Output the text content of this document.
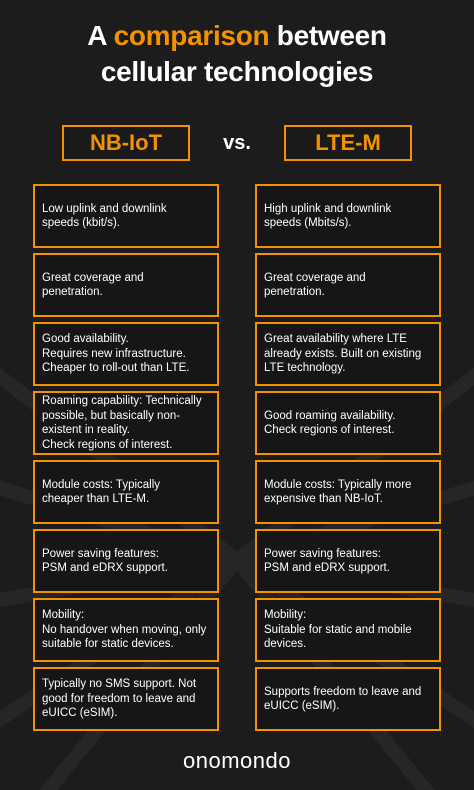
A comparison between
cellular technologies
NB-IoT	vs.	LTE-M
Low uplink and downlink
speeds (kbit/s).
High uplink and downlink
speeds (Mbits/s).
Great coverage and
penetration.
Great coverage and
penetration.
Good availability.
Requires new infrastructure.
Cheaper to roll-out than LTE.
Great availability where LTE
already exists. Built on existing
LTE technology.
Roaming capability: Technically
possible, but basically non-
existent in reality.
Check regions of interest.
Good roaming availability.
Check regions of interest.
Module costs: Typically
cheaper than LTE-M.
Module costs: Typically more
expensive than NB-IoT.
Power saving features:
PSM and eDRX support.
Power saving features:
PSM and eDRX support.
Mobility:
No handover when moving, only
suitable for static devices.
Mobility:
Suitable for static and mobile
devices.
Typically no SMS support. Not
good for freedom to leave and
eUICC (eSIM).
Supports freedom to leave and
eUICC (eSIM).
onomondo
